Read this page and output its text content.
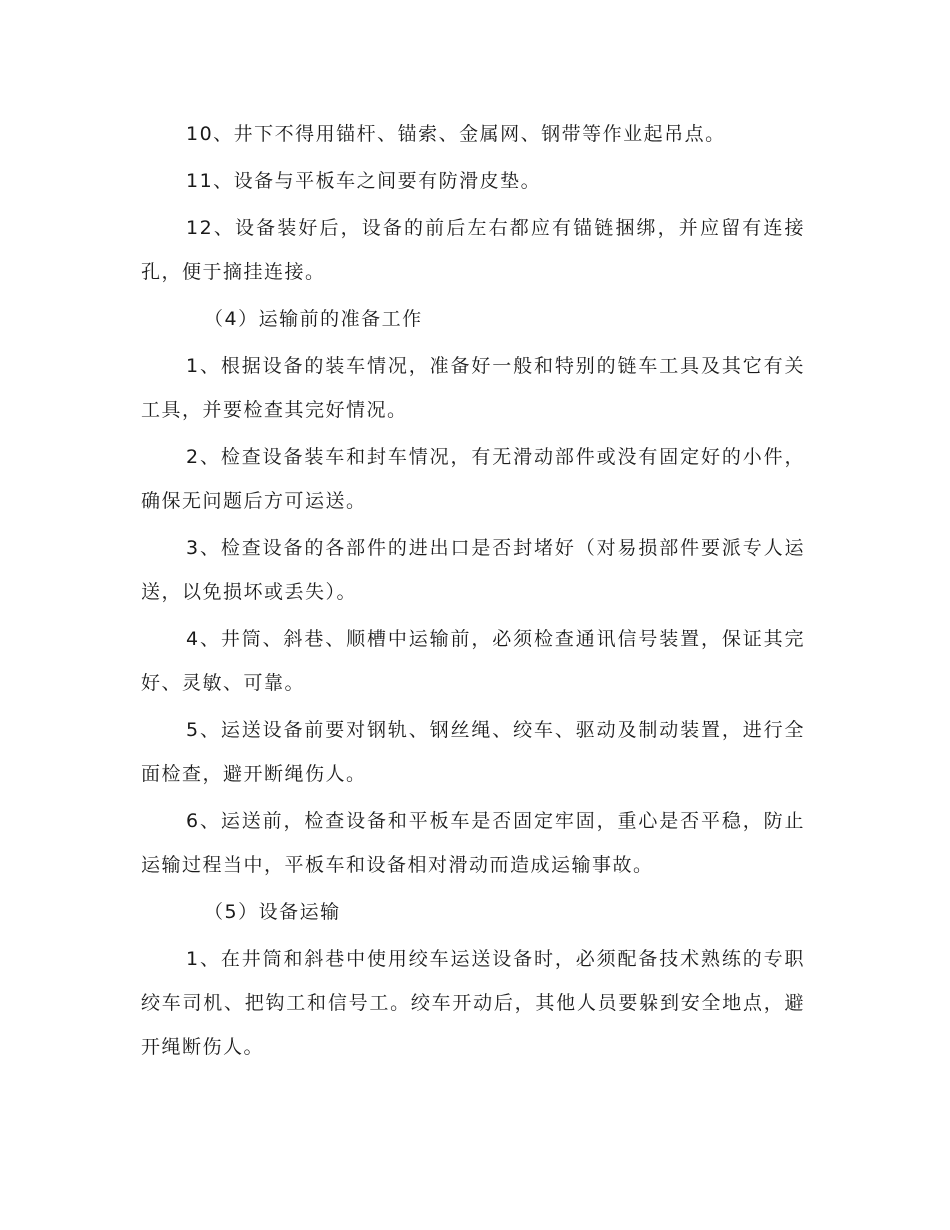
10、井下不得用锚杆、锚索、金属网、钢带等作业起吊点。

11、设备与平板车之间要有防滑皮垫。

12、设备装好后，设备的前后左右都应有锚链捆绑，并应留有连接孔，便于摘挂连接。

（4）运输前的准备工作

1、根据设备的装车情况，准备好一般和特别的链车工具及其它有关工具，并要检查其完好情况。

2、检查设备装车和封车情况，有无滑动部件或没有固定好的小件，确保无问题后方可运送。

3、检查设备的各部件的进出口是否封堵好（对易损部件要派专人运送，以免损坏或丢失）。

4、井筒、斜巷、顺槽中运输前，必须检查通讯信号装置，保证其完好、灵敏、可靠。

5、运送设备前要对钢轨、钢丝绳、绞车、驱动及制动装置，进行全面检查，避开断绳伤人。

6、运送前，检查设备和平板车是否固定牢固，重心是否平稳，防止运输过程当中，平板车和设备相对滑动而造成运输事故。

（5）设备运输

1、在井筒和斜巷中使用绞车运送设备时，必须配备技术熟练的专职绞车司机、把钩工和信号工。绞车开动后，其他人员要躲到安全地点，避开绳断伤人。
